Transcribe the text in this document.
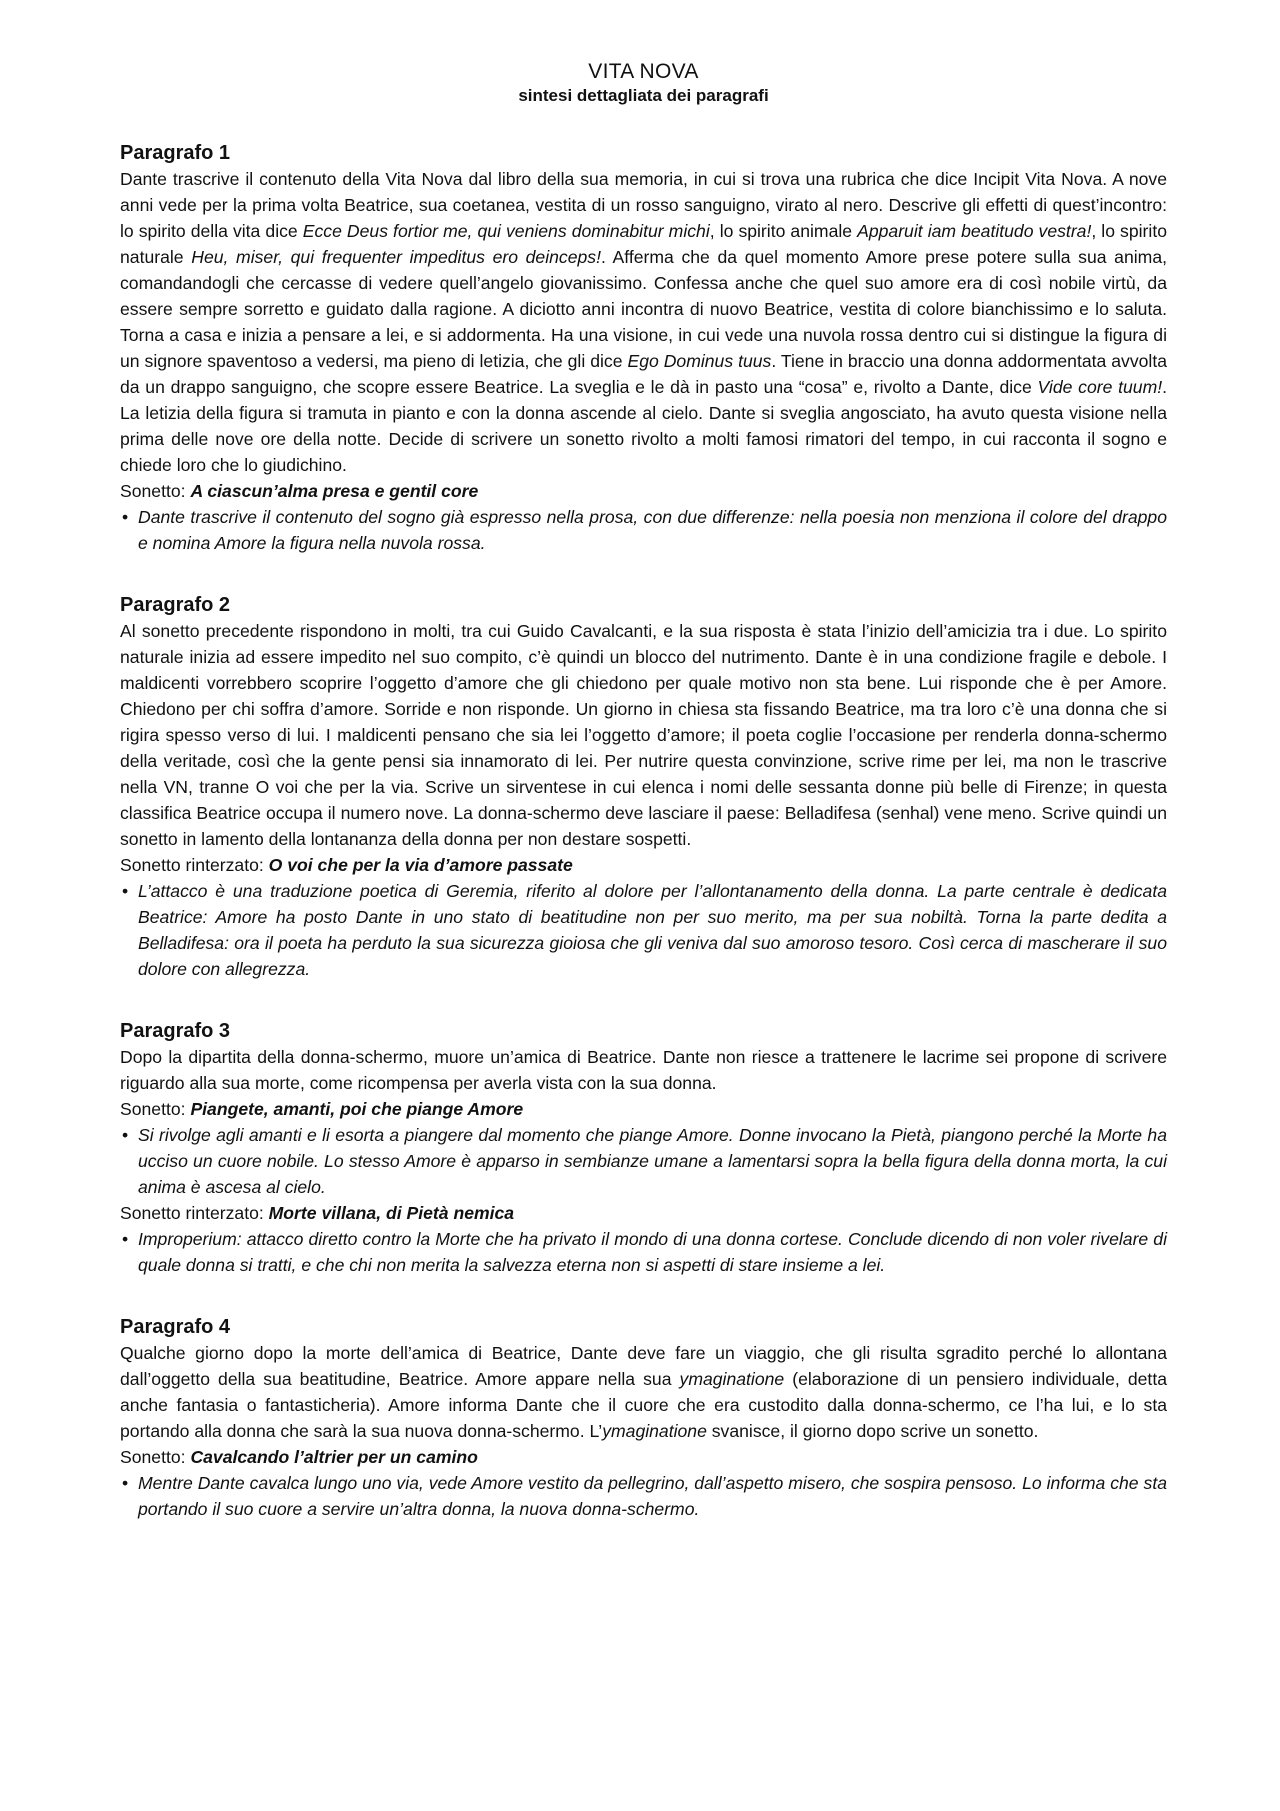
VITA NOVA
sintesi dettagliata dei paragrafi
Paragrafo 1

Dante trascrive il contenuto della Vita Nova dal libro della sua memoria, in cui si trova una rubrica che dice Incipit Vita Nova. A nove anni vede per la prima volta Beatrice, sua coetanea, vestita di un rosso sanguigno, virato al nero. Descrive gli effetti di quest’incontro: lo spirito della vita dice Ecce Deus fortior me, qui veniens dominabitur michi, lo spirito animale Apparuit iam beatitudo vestra!, lo spirito naturale Heu, miser, qui frequenter impeditus ero deinceps!. Afferma che da quel momento Amore prese potere sulla sua anima, comandandogli che cercasse di vedere quell’angelo giovanissimo. Confessa anche che quel suo amore era di così nobile virtù, da essere sempre sorretto e guidato dalla ragione. A diciotto anni incontra di nuovo Beatrice, vestita di colore bianchissimo e lo saluta. Torna a casa e inizia a pensare a lei, e si addormenta. Ha una visione, in cui vede una nuvola rossa dentro cui si distingue la figura di un signore spaventoso a vedersi, ma pieno di letizia, che gli dice Ego Dominus tuus. Tiene in braccio una donna addormentata avvolta da un drappo sanguigno, che scopre essere Beatrice. La sveglia e le dà in pasto una “cosa” e, rivolto a Dante, dice Vide core tuum!. La letizia della figura si tramuta in pianto e con la donna ascende al cielo. Dante si sveglia angosciato, ha avuto questa visione nella prima delle nove ore della notte. Decide di scrivere un sonetto rivolto a molti famosi rimatori del tempo, in cui racconta il sogno e chiede loro che lo giudichino.

Sonetto: A ciascun’alma presa e gentil core

• Dante trascrive il contenuto del sogno già espresso nella prosa, con due differenze: nella poesia non menziona il colore del drappo e nomina Amore la figura nella nuvola rossa.

Paragrafo 2

Al sonetto precedente rispondono in molti, tra cui Guido Cavalcanti, e la sua risposta è stata l’inizio dell’amicizia tra i due. Lo spirito naturale inizia ad essere impedito nel suo compito, c’è quindi un blocco del nutrimento. Dante è in una condizione fragile e debole. I maldicenti vorrebbero scoprire l’oggetto d’amore che gli chiedono per quale motivo non sta bene. Lui risponde che è per Amore. Chiedono per chi soffra d’amore. Sorride e non risponde. Un giorno in chiesa sta fissando Beatrice, ma tra loro c’è una donna che si rigira spesso verso di lui. I maldicenti pensano che sia lei l’oggetto d’amore; il poeta coglie l’occasione per renderla donna-schermo della veritade, così che la gente pensi sia innamorato di lei. Per nutrire questa convinzione, scrive rime per lei, ma non le trascrive nella VN, tranne O voi che per la via. Scrive un sirventese in cui elenca i nomi delle sessanta donne più belle di Firenze; in questa classifica Beatrice occupa il numero nove. La donna-schermo deve lasciare il paese: Belladifesa (senhal) vene meno. Scrive quindi un sonetto in lamento della lontananza della donna per non destare sospetti.

Sonetto rinterzato: O voi che per la via d’amore passate

• L’attacco è una traduzione poetica di Geremia, riferito al dolore per l’allontanamento della donna. La parte centrale è dedicata Beatrice: Amore ha posto Dante in uno stato di beatitudine non per suo merito, ma per sua nobiltà. Torna la parte dedita a Belladifesa: ora il poeta ha perduto la sua sicurezza gioiosa che gli veniva dal suo amoroso tesoro. Così cerca di mascherare il suo dolore con allegrezza.

Paragrafo 3

Dopo la dipartita della donna-schermo, muore un’amica di Beatrice. Dante non riesce a trattenere le lacrime sei propone di scrivere riguardo alla sua morte, come ricompensa per averla vista con la sua donna.

Sonetto: Piangete, amanti, poi che piange Amore

• Si rivolge agli amanti e li esorta a piangere dal momento che piange Amore. Donne invocano la Pietà, piangono perché la Morte ha ucciso un cuore nobile. Lo stesso Amore è apparso in sembianze umane a lamentarsi sopra la bella figura della donna morta, la cui anima è ascesa al cielo.

Sonetto rinterzato: Morte villana, di Pietà nemica

• Improperium: attacco diretto contro la Morte che ha privato il mondo di una donna cortese. Conclude dicendo di non voler rivelare di quale donna si tratti, e che chi non merita la salvezza eterna non si aspetti di stare insieme a lei.

Paragrafo 4

Qualche giorno dopo la morte dell’amica di Beatrice, Dante deve fare un viaggio, che gli risulta sgradito perché lo allontana dall’oggetto della sua beatitudine, Beatrice. Amore appare nella sua ymaginatione (elaborazione di un pensiero individuale, detta anche fantasia o fantasticheria). Amore informa Dante che il cuore che era custodito dalla donna-schermo, ce l’ha lui, e lo sta portando alla donna che sarà la sua nuova donna-schermo. L’ymaginatione svanisce, il giorno dopo scrive un sonetto.

Sonetto: Cavalcando l’altrier per un camino

• Mentre Dante cavalca lungo uno via, vede Amore vestito da pellegrino, dall’aspetto misero, che sospira pensoso. Lo informa che sta portando il suo cuore a servire un’altra donna, la nuova donna-schermo.
